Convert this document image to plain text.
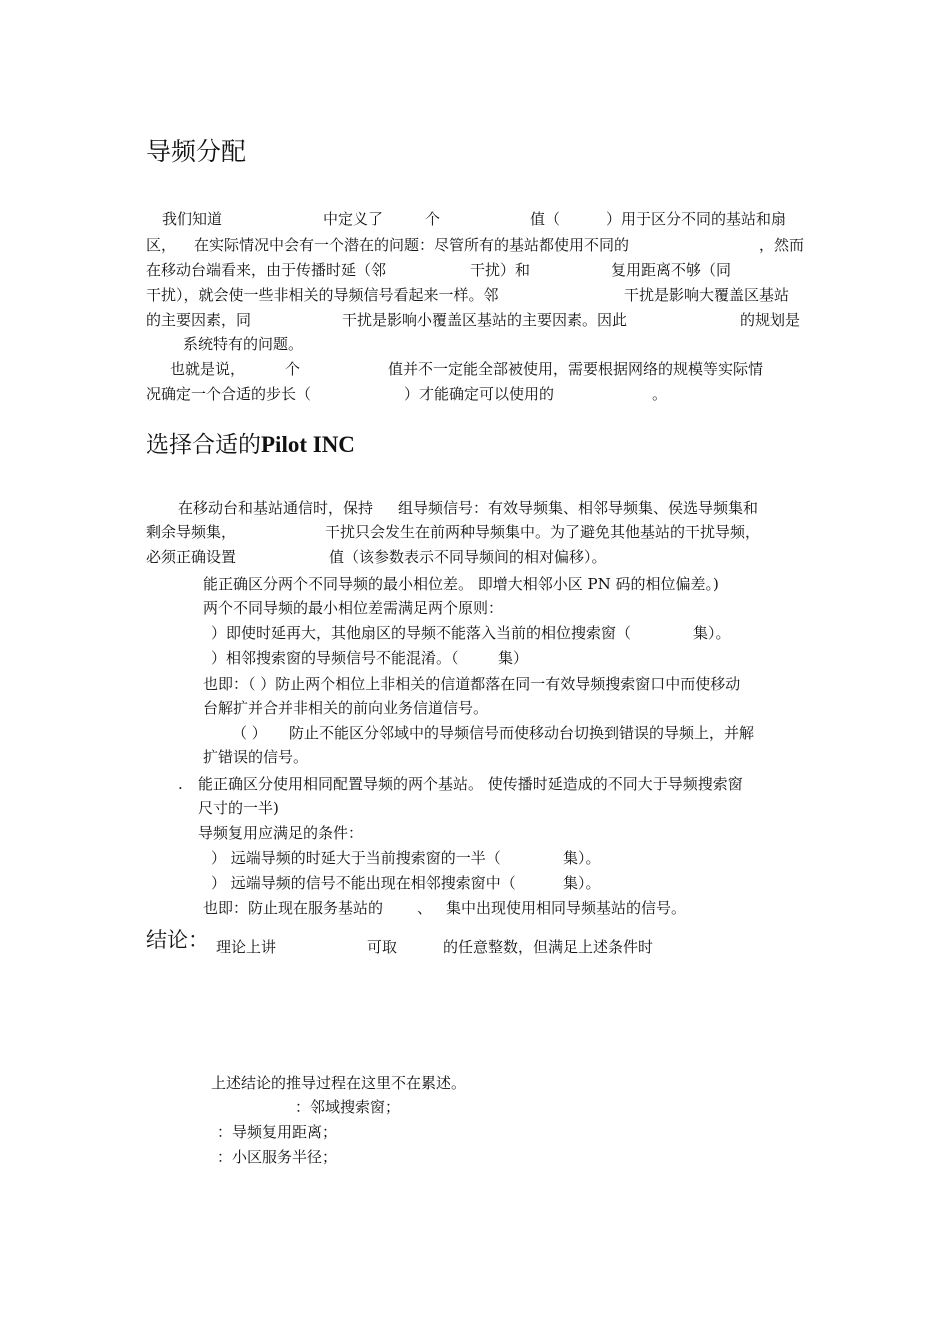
导频分配
我们知道	中定义了	个	值（	）用于区分不同的基站和扇
区， 在实际情况中会有一个潜在的问题：尽管所有的基站都使用不同的	，然而
在移动台端看来，由于传播时延（邻	干扰）和	复用距离不够（同
干扰），就会使一些非相关的导频信号看起来一样。邻	干扰是影响大覆盖区基站
的主要因素，同	干扰是影响小覆盖区基站的主要因素。因此	的规划是
系统特有的问题。
也就是说，	个	值并不一定能全部被使用，需要根据网络的规模等实际情
况确定一个合适的步长（	）才能确定可以使用的	。
选择合适的Pilot INC
在移动台和基站通信时，保持 组导频信号：有效导频集、相邻导频集、侯选导频集和
剩余导频集，	干扰只会发生在前两种导频集中。为了避免其他基站的干扰导频，
必须正确设置	值（该参数表示不同导频间的相对偏移）。
能正确区分两个不同导频的最小相位差。 即增大相邻小区 PN 码的相位偏差。)
两个不同导频的最小相位差需满足两个原则：
）即使时延再大，其他扇区的导频不能落入当前的相位搜索窗（	集）。
）相邻搜索窗的导频信号不能混淆。（	集）
也即：（ ）防止两个相位上非相关的信道都落在同一有效导频搜索窗口中而使移动
台解扩并合并非相关的前向业务信道信号。
（ ） 防止不能区分邻域中的导频信号而使移动台切换到错误的导频上，并解
扩错误的信号。
. 能正确区分使用相同配置导频的两个基站。 使传播时延造成的不同大于导频搜索窗
尺寸的一半)
导频复用应满足的条件：
） 远端导频的时延大于当前搜索窗的一半（	集）。
） 远端导频的信号不能出现在相邻搜索窗中（	集）。
也即：防止现在服务基站的 、 集中出现使用相同导频基站的信号。
结论： 理论上讲	可取	的任意整数，但满足上述条件时
上述结论的推导过程在这里不在累述。
：邻域搜索窗；
：导频复用距离；
：小区服务半径；
